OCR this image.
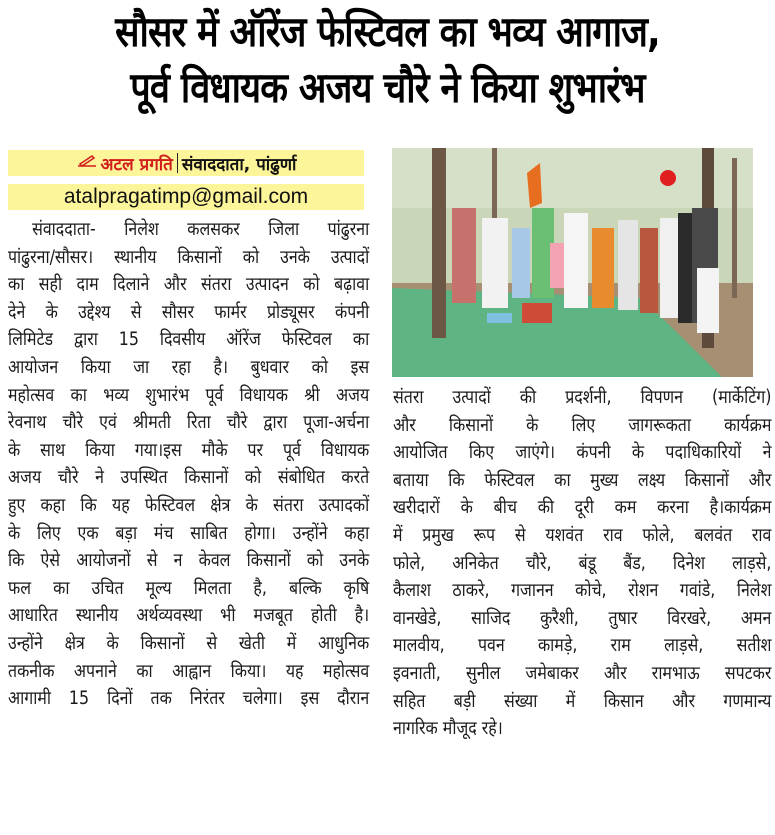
सौसर में ऑरेंज फेस्टिवल का भव्य आगाज,
पूर्व विधायक अजय चौरे ने किया शुभारंभ
अटल प्रगति संवाददाता, पांढुर्णा
atalpragatimp@gmail.com

संवाददाता- निलेश कलसकर जिला पांढुरना

पांढुरना/सौसर। स्थानीय किसानों को उनके उत्पादों

का सही दाम दिलाने और संतरा उत्पादन को बढ़ावा

देने के उद्देश्य से सौसर फार्मर प्रोड्यूसर कंपनी

लिमिटेड द्वारा 15 दिवसीय ऑरेंज फेस्टिवल का

आयोजन किया जा रहा है। बुधवार को इस

महोत्सव का भव्य शुभारंभ पूर्व विधायक श्री अजय

रेवनाथ चौरे एवं श्रीमती रिता चौरे द्वारा पूजा-अर्चना

के साथ किया गया।इस मौके पर पूर्व विधायक

अजय चौरे ने उपस्थित किसानों को संबोधित करते

हुए कहा कि यह फेस्टिवल क्षेत्र के संतरा उत्पादकों

के लिए एक बड़ा मंच साबित होगा। उन्होंने कहा

कि ऐसे आयोजनों से न केवल किसानों को उनके

फल का उचित मूल्य मिलता है, बल्कि कृषि

आधारित स्थानीय अर्थव्यवस्था भी मजबूत होती है।

उन्होंने क्षेत्र के किसानों से खेती में आधुनिक

तकनीक अपनाने का आह्वान किया। यह महोत्सव

आगामी 15 दिनों तक निरंतर चलेगा। इस दौरान

संतरा उत्पादों की प्रदर्शनी, विपणन (मार्केटिंग)

और किसानों के लिए जागरूकता कार्यक्रम

आयोजित किए जाएंगे। कंपनी के पदाधिकारियों ने

बताया कि फेस्टिवल का मुख्य लक्ष्य किसानों और

खरीदारों के बीच की दूरी कम करना है।कार्यक्रम

में प्रमुख रूप से यशवंत राव फोले, बलवंत राव

फोले, अनिकेत चौरे, बंडू बैंड, दिनेश लाड़से,

कैलाश ठाकरे, गजानन कोचे, रोशन गवांडे, निलेश

वानखेडे, साजिद कुरैशी, तुषार विरखरे, अमन

मालवीय, पवन कामड़े, राम लाड़से, सतीश

इवनाती, सुनील जमेबाकर और रामभाऊ सपटकर

सहित बड़ी संख्या में किसान और गणमान्य

नागरिक मौजूद रहे।
